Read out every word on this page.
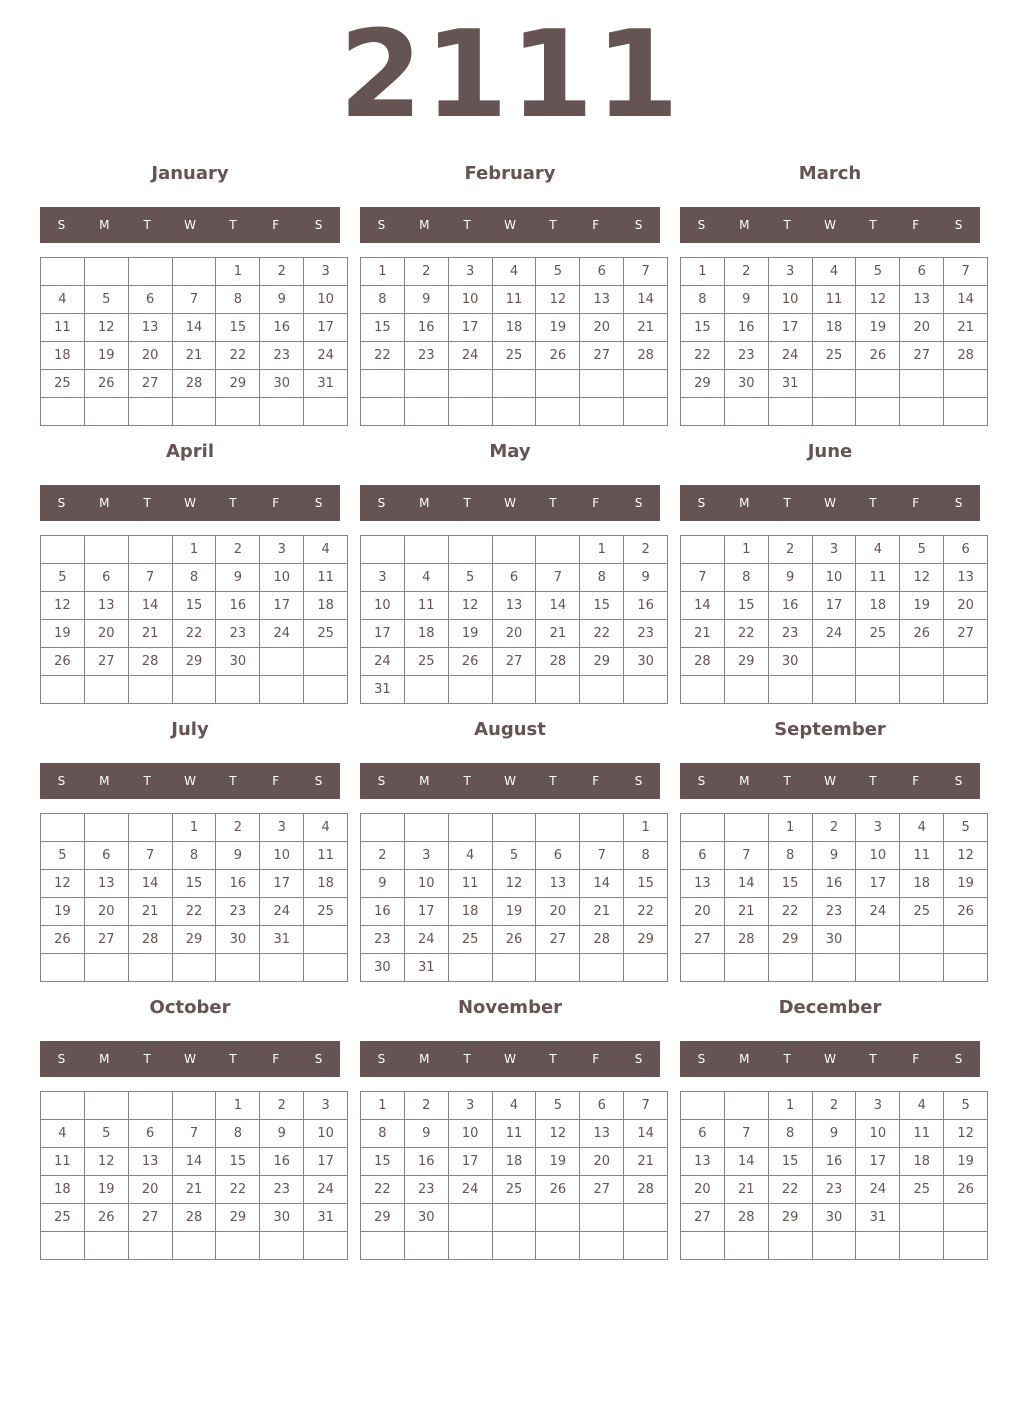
2111
January
S	M	T	W	T	F	S
				1	2	3
4	5	6	7	8	9	10
11	12	13	14	15	16	17
18	19	20	21	22	23	24
25	26	27	28	29	30	31

February
S	M	T	W	T	F	S
1	2	3	4	5	6	7
8	9	10	11	12	13	14
15	16	17	18	19	20	21
22	23	24	25	26	27	28

March
S	M	T	W	T	F	S
1	2	3	4	5	6	7
8	9	10	11	12	13	14
15	16	17	18	19	20	21
22	23	24	25	26	27	28
29	30	31				

April
S	M	T	W	T	F	S
			1	2	3	4
5	6	7	8	9	10	11
12	13	14	15	16	17	18
19	20	21	22	23	24	25
26	27	28	29	30		

May
S	M	T	W	T	F	S
					1	2
3	4	5	6	7	8	9
10	11	12	13	14	15	16
17	18	19	20	21	22	23
24	25	26	27	28	29	30
31						
June
S	M	T	W	T	F	S
	1	2	3	4	5	6
7	8	9	10	11	12	13
14	15	16	17	18	19	20
21	22	23	24	25	26	27
28	29	30				

July
S	M	T	W	T	F	S
			1	2	3	4
5	6	7	8	9	10	11
12	13	14	15	16	17	18
19	20	21	22	23	24	25
26	27	28	29	30	31	

August
S	M	T	W	T	F	S
						1
2	3	4	5	6	7	8
9	10	11	12	13	14	15
16	17	18	19	20	21	22
23	24	25	26	27	28	29
30	31					
September
S	M	T	W	T	F	S
		1	2	3	4	5
6	7	8	9	10	11	12
13	14	15	16	17	18	19
20	21	22	23	24	25	26
27	28	29	30			

October
S	M	T	W	T	F	S
				1	2	3
4	5	6	7	8	9	10
11	12	13	14	15	16	17
18	19	20	21	22	23	24
25	26	27	28	29	30	31

November
S	M	T	W	T	F	S
1	2	3	4	5	6	7
8	9	10	11	12	13	14
15	16	17	18	19	20	21
22	23	24	25	26	27	28
29	30					

December
S	M	T	W	T	F	S
		1	2	3	4	5
6	7	8	9	10	11	12
13	14	15	16	17	18	19
20	21	22	23	24	25	26
27	28	29	30	31		
